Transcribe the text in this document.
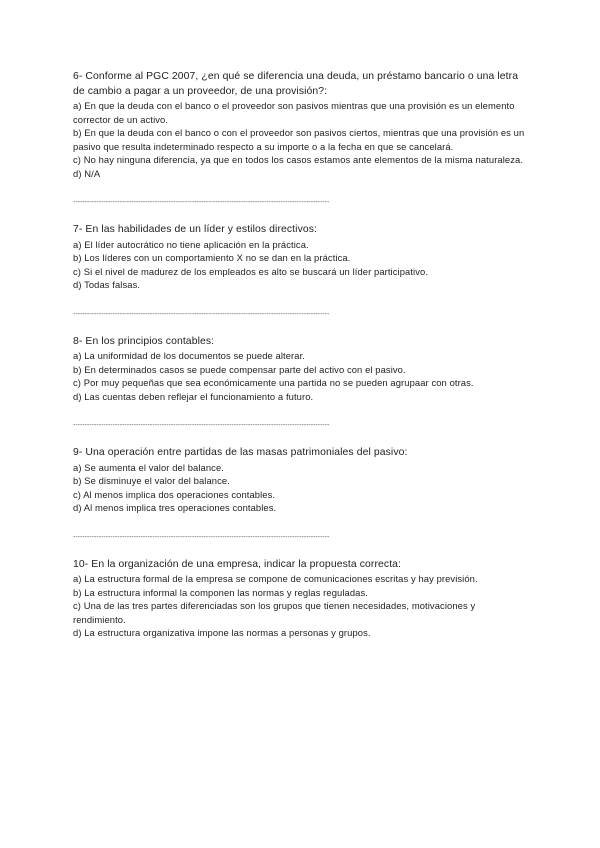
6- Conforme al PGC 2007, ¿en qué se diferencia una deuda, un préstamo bancario o una letra de cambio a pagar a un proveedor, de una provisión?:
a) En que la deuda con el banco o el proveedor son pasivos mientras que una provisión es un elemento corrector de un activo.
b) En que la deuda con el banco o con el proveedor son pasivos ciertos, mientras que una provisión es un pasivo que resulta indeterminado respecto a su importe o a la fecha en que se cancelará.
c) No hay ninguna diferencia, ya que en todos los casos estamos ante elementos de la misma naturaleza.
d) N/A
--------------------------------------------------------------------------------------------------------------
7- En las habilidades de un líder y estilos directivos:
a) El líder autocrático no tiene aplicación en la práctica.
b) Los líderes con un comportamiento X no se dan en la práctica.
c) Si el nivel de madurez de los empleados es alto se buscará un líder participativo.
d) Todas falsas.
--------------------------------------------------------------------------------------------------------------
8- En los principios contables:
a) La uniformidad de los documentos se puede alterar.
b) En determinados casos se puede compensar parte del activo con el pasivo.
c) Por muy pequeñas que sea económicamente una partida no se pueden agrupaar con otras.
d) Las cuentas deben reflejar el funcionamiento a futuro.
--------------------------------------------------------------------------------------------------------------
9- Una operación entre partidas de las masas patrimoniales del pasivo:
a) Se aumenta el valor del balance.
b) Se disminuye el valor del balance.
c) Al menos implica dos operaciones contables.
d) Al menos implica tres operaciones contables.
--------------------------------------------------------------------------------------------------------------
10- En la organización de una empresa, indicar la propuesta correcta:
a) La estructura formal de la empresa se compone de comunicaciones escritas y hay previsión.
b) La estructura informal la componen las normas y reglas reguladas.
c) Una de las tres partes diferenciadas son los grupos que tienen necesidades, motivaciones y rendimiento.
d) La estructura organizativa impone las normas a personas y grupos.
